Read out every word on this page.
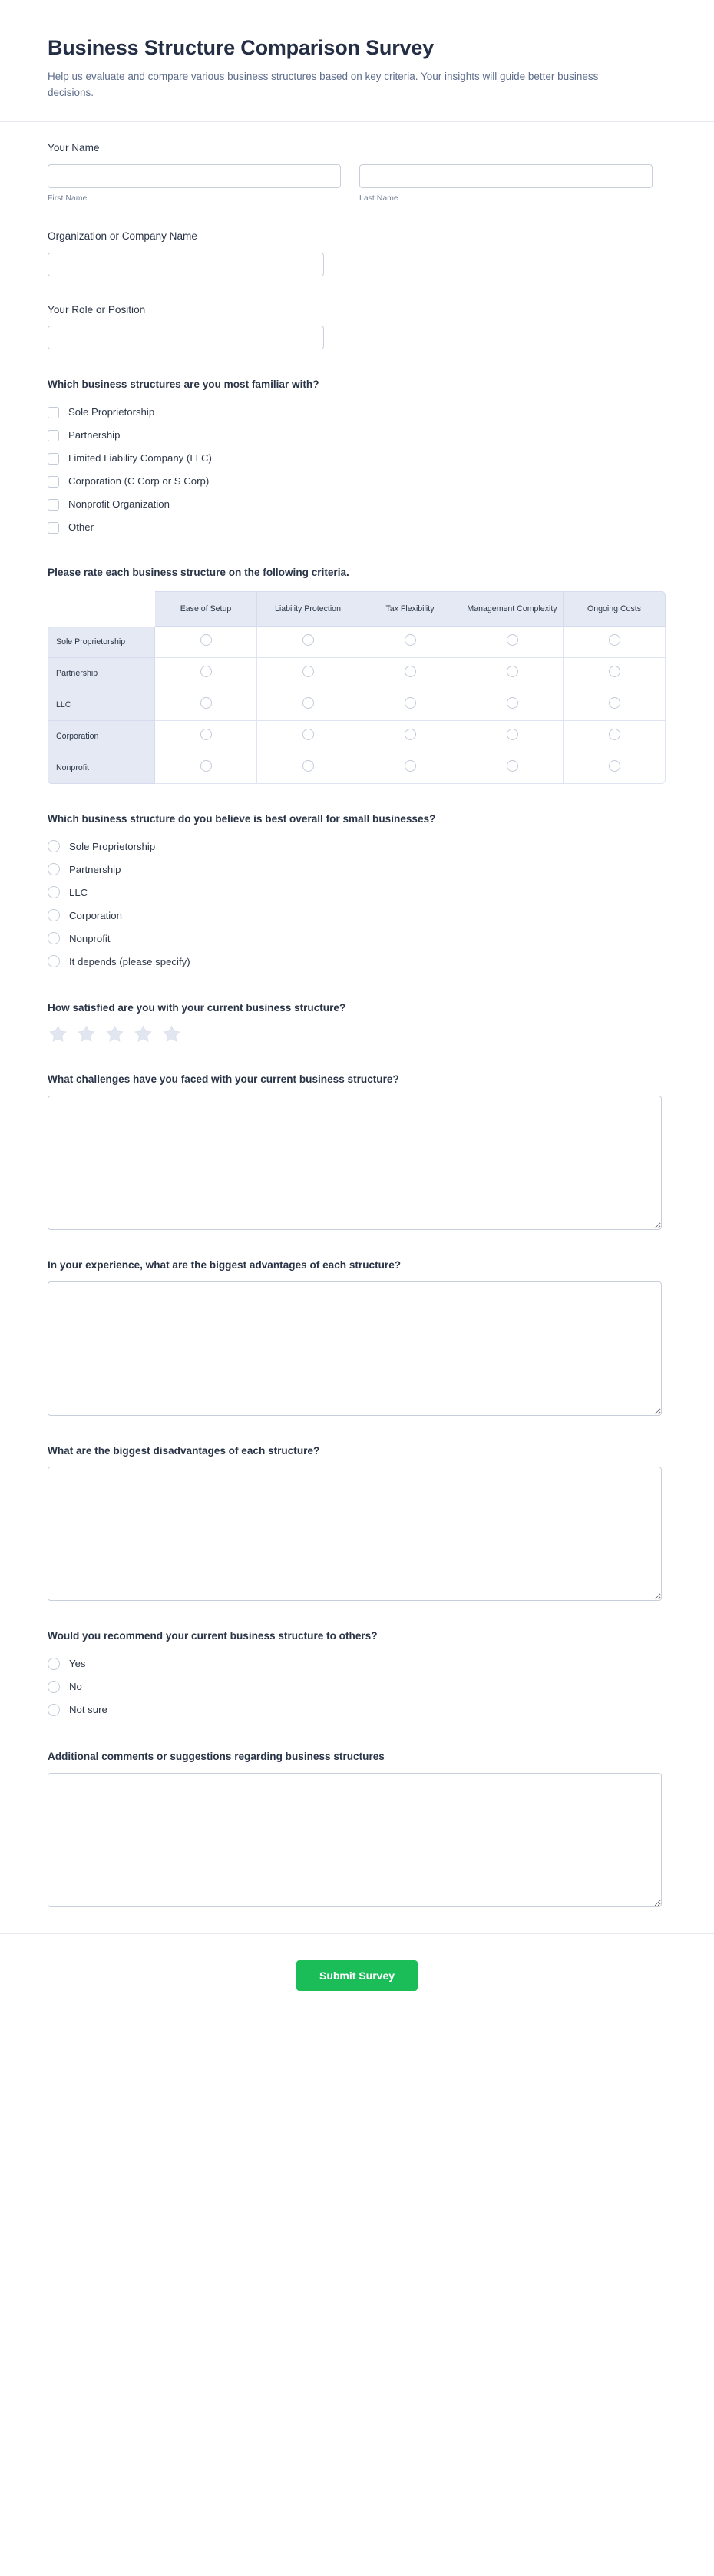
Business Structure Comparison Survey

Help us evaluate and compare various business structures based on key criteria. Your insights will guide better business decisions.

Your Name
First Name	Last Name
Organization or Company Name
Your Role or Position
Which business structures are you most familiar with?
Sole Proprietorship
Partnership
Limited Liability Company (LLC)
Corporation (C Corp or S Corp)
Nonprofit Organization
Other
Please rate each business structure on the following criteria.
	Ease of Setup	Liability Protection	Tax Flexibility	Management Complexity	Ongoing Costs
Sole Proprietorship					
Partnership					
LLC					
Corporation					
Nonprofit					
Which business structure do you believe is best overall for small businesses?
Sole Proprietorship
Partnership
LLC
Corporation
Nonprofit
It depends (please specify)
How satisfied are you with your current business structure?
What challenges have you faced with your current business structure?
In your experience, what are the biggest advantages of each structure?
What are the biggest disadvantages of each structure?
Would you recommend your current business structure to others?
Yes
No
Not sure
Additional comments or suggestions regarding business structures
Submit Survey
